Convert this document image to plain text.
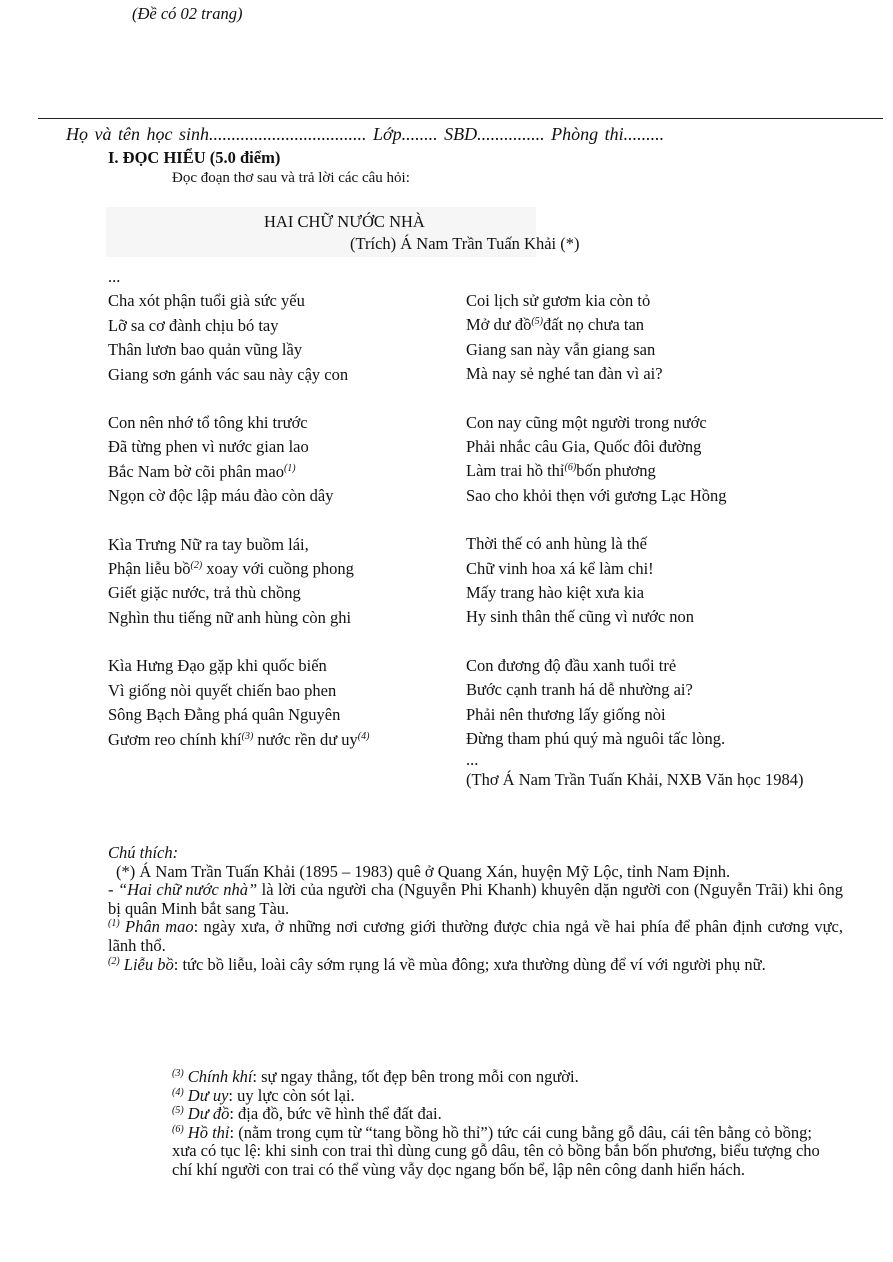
(Đề có 02 trang)
Họ và tên học sinh................................... Lớp........ SBD............... Phòng thi.........
I. ĐỌC HIỂU (5.0 điểm)
Đọc đoạn thơ sau và trả lời các câu hỏi:
HAI CHỮ NƯỚC NHÀ
(Trích) Á Nam Trần Tuấn Khải (*)
...
Cha xót phận tuổi già sức yếu
Lỡ sa cơ đành chịu bó tay
Thân lươn bao quản vũng lầy
Giang sơn gánh vác sau này cậy con
Con nên nhớ tổ tông khi trước
Đã từng phen vì nước gian lao
Bắc Nam bờ cõi phân mao$^{(1)}$
Ngọn cờ độc lập máu đào còn dây
Kìa Trưng Nữ ra tay buồm lái,
Phận liễu bồ$^{(2)}$ xoay với cuồng phong
Giết giặc nước, trả thù chồng
Nghìn thu tiếng nữ anh hùng còn ghi
Kìa Hưng Đạo gặp khi quốc biến
Vì giống nòi quyết chiến bao phen
Sông Bạch Đằng phá quân Nguyên
Gươm reo chính khí$^{(3)}$ nước rền dư $uy^{(4)}$
Coi lịch sử gươm kia còn tỏ
Mở dư đồ$^{(5)}$đất nọ chưa tan
Giang san này vẫn giang san
Mà nay sẻ nghé tan đàn vì ai?
Con nay cũng một người trong nước
Phải nhắc câu Gia, Quốc đôi đường
Làm trai hồ thỉ$^{(6)}$bốn phương
Sao cho khỏi thẹn với gương Lạc Hồng
Thời thế có anh hùng là thế
Chữ vinh hoa xá kể làm chi!
Mấy trang hào kiệt xưa kia
Hy sinh thân thế cũng vì nước non
Con đương độ đầu xanh tuổi trẻ
Bước cạnh tranh há dễ nhường ai?
Phải nên thương lấy giống nòi
Đừng tham phú quý mà nguôi tấc lòng.
...
(Thơ Á Nam Trần Tuấn Khải, NXB Văn học 1984)

Chú thích:

(*) Á Nam Trần Tuấn Khải (1895 – 1983) quê ở Quang Xán, huyện Mỹ Lộc, tỉnh Nam Định.

- “Hai chữ nước nhà” là lời của người cha (Nguyễn Phi Khanh) khuyên dặn người con (Nguyễn Trãi) khi ông bị quân Minh bắt sang Tàu.

$^{(1)}$ Phân mao: ngày xưa, ở những nơi cương giới thường được chia ngả về hai phía để phân định cương vực, lãnh thổ.

$^{(2)}$ Liễu bồ: tức bồ liễu, loài cây sớm rụng lá về mùa đông; xưa thường dùng để ví với người phụ nữ.

$^{(3)}$ Chính khí: sự ngay thẳng, tốt đẹp bên trong mỗi con người.

$^{(4)}$ Dư uy: uy lực còn sót lại.

$^{(5)}$ Dư đồ: địa đồ, bức vẽ hình thể đất đai.

$^{(6)}$ Hồ thỉ: (nằm trong cụm từ “tang bồng hồ thỉ”) tức cái cung bằng gỗ dâu, cái tên bằng cỏ bồng; xưa có tục lệ: khi sinh con trai thì dùng cung gỗ dâu, tên cỏ bồng bắn bốn phương, biểu tượng cho chí khí người con trai có thể vùng vẫy dọc ngang bốn bể, lập nên công danh hiển hách.
